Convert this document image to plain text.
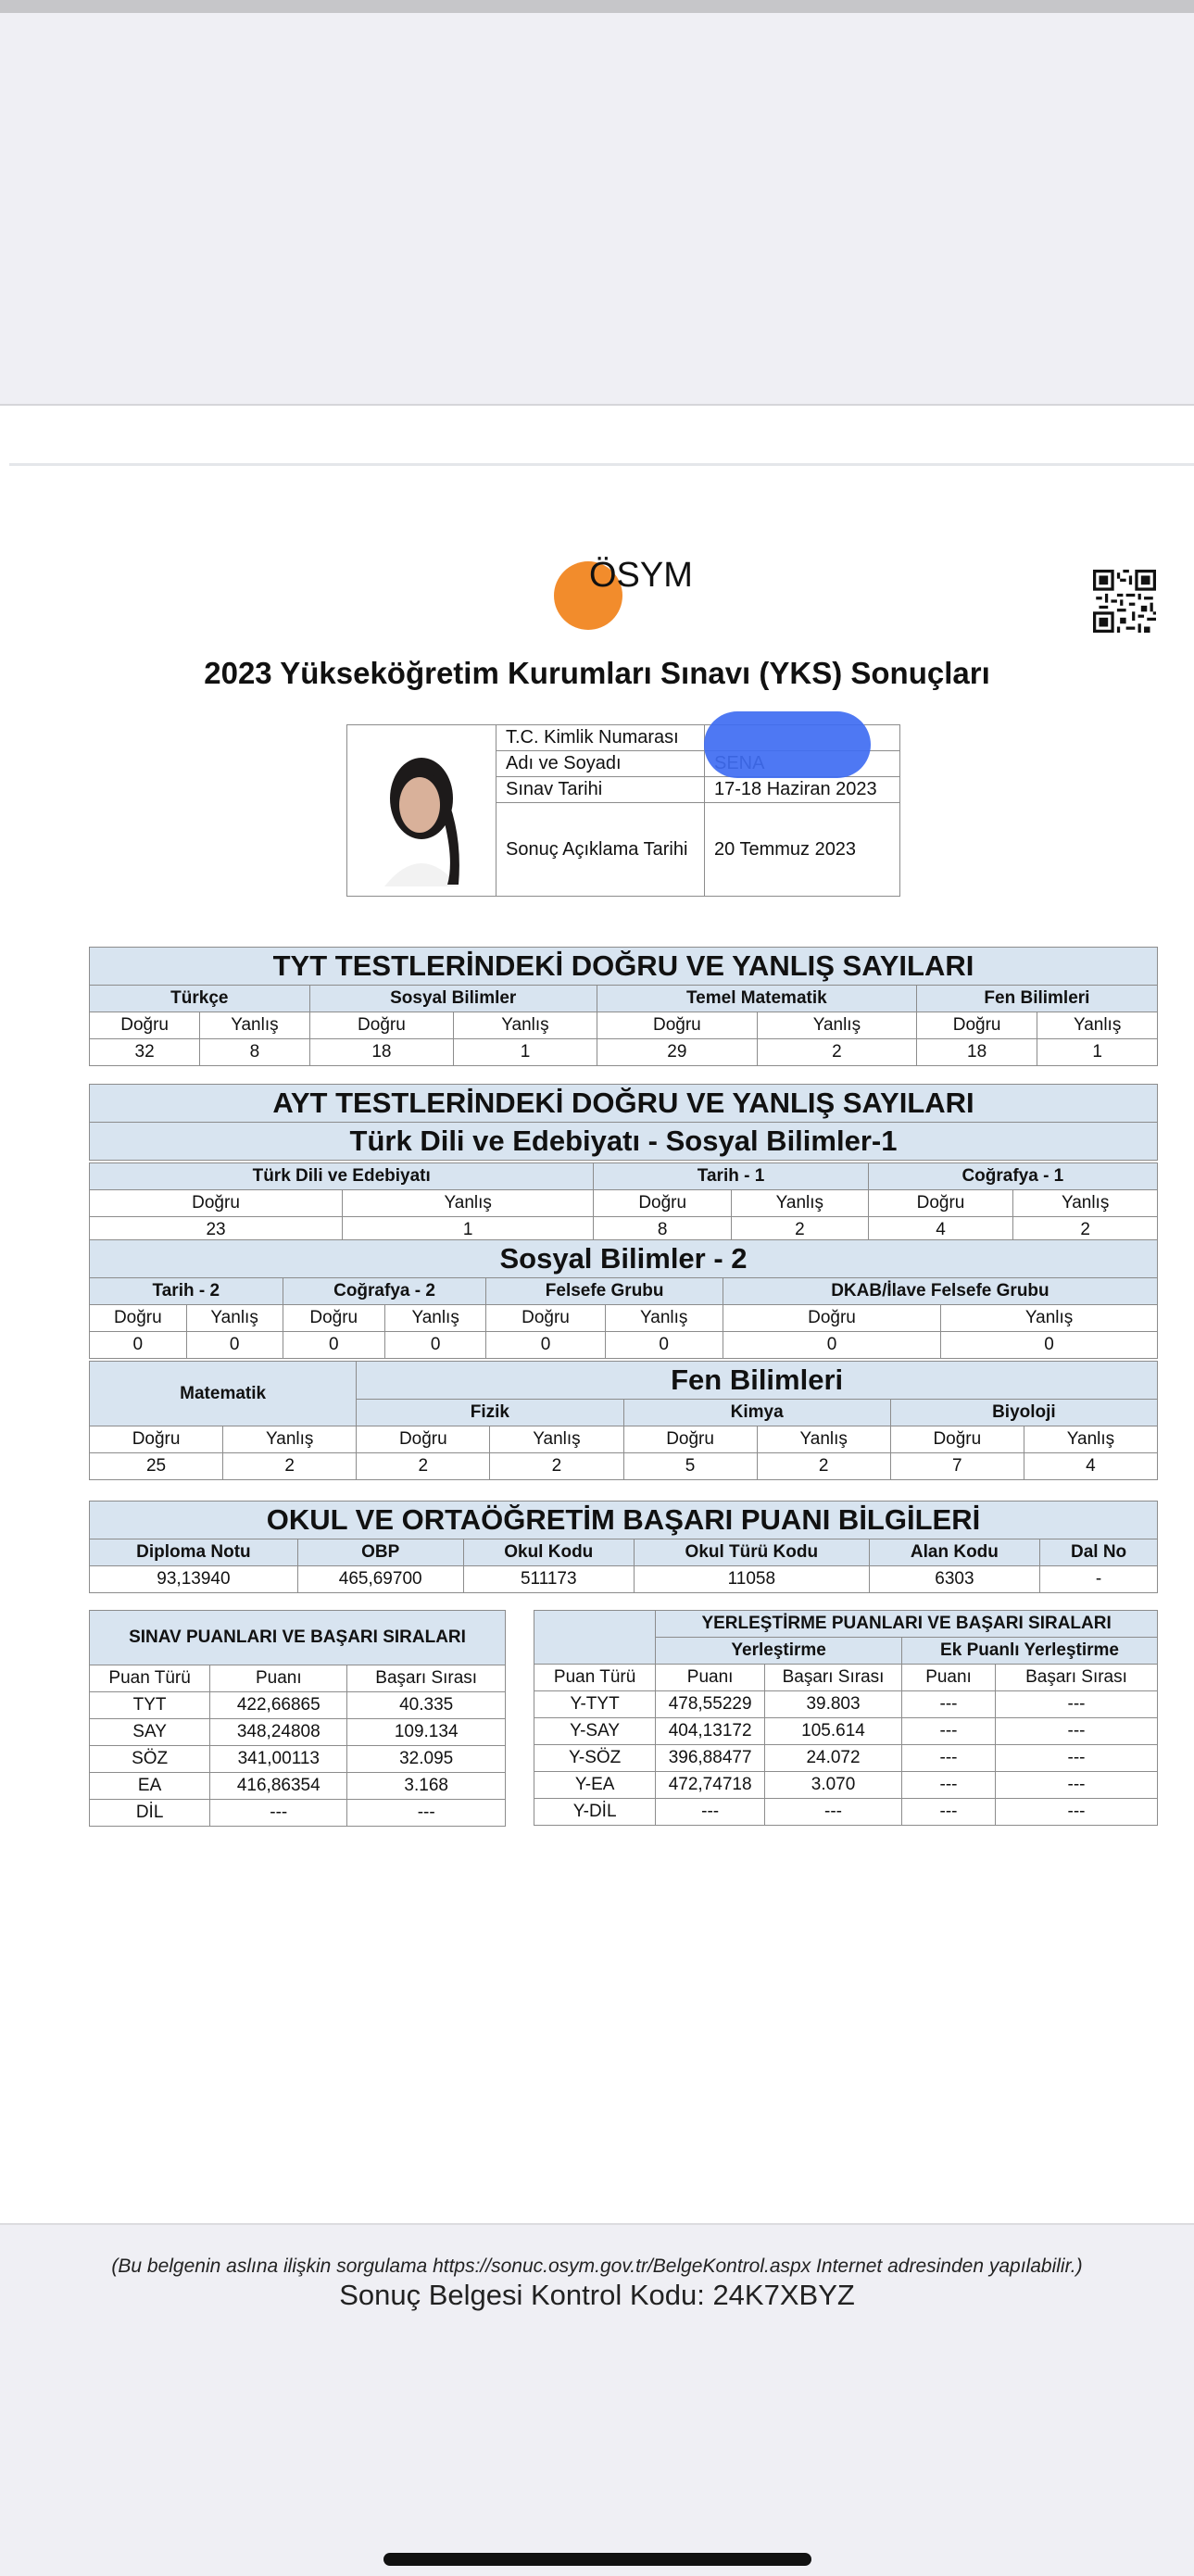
ÖSYM
2023 Yükseköğretim Kurumları Sınavı (YKS) Sonuçları
	T.C. Kimlik Numarası	
	Adı ve Soyadı	
	Sınav Tarihi	17-18 Haziran 2023
	Sonuç Açıklama Tarihi	20 Temmuz 2023
TYT TESTLERİNDEKİ DOĞRU VE YANLIŞ SAYILARI							
Türkçe		Sosyal Bilimler		Temel Matematik		Fen Bilimleri	
Doğru	Yanlış	Doğru	Yanlış	Doğru	Yanlış	Doğru	Yanlış
32	8	18	1	29	2	18	1
AYT TESTLERİNDEKİ DOĞRU VE YANLIŞ SAYILARI
Türk Dili ve Edebiyatı - Sosyal Bilimler-1
Türk Dili ve Edebiyatı		Tarih - 1		Coğrafya - 1	
Doğru	Yanlış	Doğru	Yanlış	Doğru	Yanlış
23	1	8	2	4	2
Sosyal Bilimler - 2							
Tarih - 2		Coğrafya - 2		Felsefe Grubu		DKAB/İlave Felsefe Grubu	
Doğru	Yanlış	Doğru	Yanlış	Doğru	Yanlış	Doğru	Yanlış
0	0	0	0	0	0	0	0
Matematik		Fen Bilimleri					
		Fizik		Kimya		Biyoloji	
Doğru	Yanlış	Doğru	Yanlış	Doğru	Yanlış	Doğru	Yanlış
25	2	2	2	5	2	7	4
OKUL VE ORTAÖĞRETİM BAŞARI PUANI BİLGİLERİ					
Diploma Notu	OBP	Okul Kodu	Okul Türü Kodu	Alan Kodu	Dal No
93,13940	465,69700	511173	11058	6303	-
SINAV PUANLARI VE BAŞARI SIRALARI		
Puan Türü	Puanı	Başarı Sırası
TYT	422,66865	40.335
SAY	348,24808	109.134
SÖZ	341,00113	32.095
EA	416,86354	3.168
DİL	---	---
	YERLEŞTİRME PUANLARI VE BAŞARI SIRALARI			
	Yerleştirme		Ek Puanlı Yerleştirme	
Puan Türü	Puanı	Başarı Sırası	Puanı	Başarı Sırası
Y-TYT	478,55229	39.803	---	---
Y-SAY	404,13172	105.614	---	---
Y-SÖZ	396,88477	24.072	---	---
Y-EA	472,74718	3.070	---	---
Y-DİL	---	---	---	---
(Bu belgenin aslına ilişkin sorgulama https://sonuc.osym.gov.tr/BelgeKontrol.aspx Internet adresinden yapılabilir.)
Sonuç Belgesi Kontrol Kodu: 24K7XBYZ
